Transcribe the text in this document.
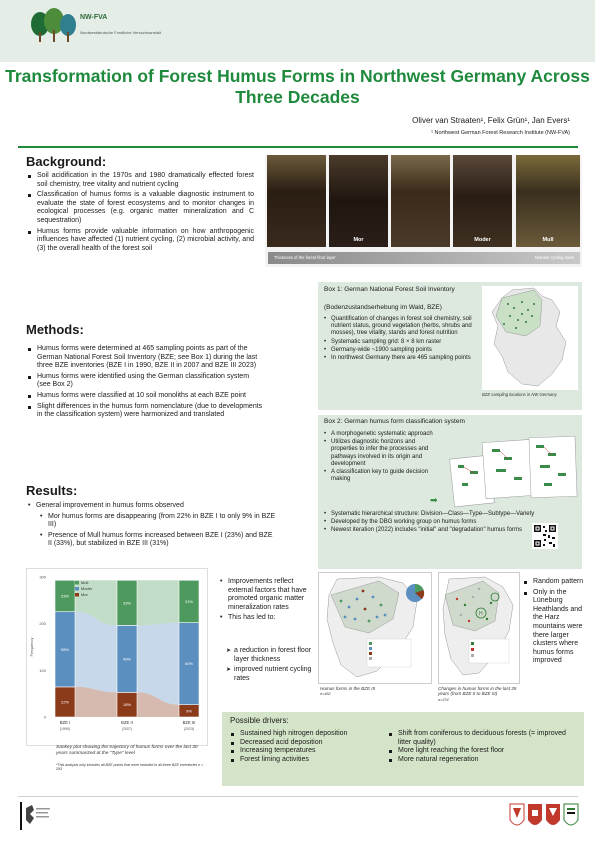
NW-FVA
Nordwestdeutsche Forstliche Versuchsanstalt
Transformation of Forest Humus Forms in Northwest Germany Across Three Decades
Oliver van Straaten¹, Felix Grün¹, Jan Evers¹
¹ Northwest German Forest Research Institute (NW-FVA)
Background:
Soil acidification in the 1970s and 1980 dramatically effected forest soil chemistry, tree vitality and nutrient cycling
Classification of humus forms is a valuable diagnostic instrument to evaluate the state of forest ecosystems and to monitor changes in ecological processes (e.g. organic matter mineralization and C sequestration)
Humus forms provide valuable information on how anthropogenic influences have affected (1) nutrient cycling, (2) microbial activity, and (3) the overall health of the forest soil
Methods:
Humus forms were determined at 465 sampling points as part of the German National Forest Soil Inventory (BZE; see Box 1) during the last three BZE inventories (BZE I in 1990, BZE II in 2007 and BZE III 2023)
Humus forms were identified using the German classification system (see Box 2)
Humus forms were classified at 10 soil monoliths at each BZE point
Slight differences in the humus form nomenclature (due to developments in the classification system) were harmonized and translated
Results:
• General improvement in humus forms observed
• Mor humus forms are disappearing (from 22% in BZE I to only 9% in BZE III)
• Presence of Mull humus forms increased between BZE I (23%) and BZE II (33%), but stabilized in BZE III (31%)
Mor	Moder	Mull
Thickness of the forest floor layer	Nutrient cycling rates
Box 1: German National Forest Soil Inventory
(Bodenzustandserhebung im Wald, BZE)
• Quantification of changes in forest soil chemistry, soil nutrient status, ground vegetation (herbs, shrubs and mosses), tree vitality, stands and forest nutrition
• Systematic sampling grid: 8 × 8 km raster
• Germany-wide ~1900 sampling points
• In northwest Germany there are 465 sampling points
BZE sampling locations in NW Germany
Box 2: German humus form classification system
• A morphogenetic systematic approach
• Utilizes diagnostic horizons and properties to infer the processes and pathways involved in its origin and development
• A classification key to guide decision making
• Systematic hierarchical structure: Division—Class—Type—Subtype—Variety
• Developed by the DBG working group on humus forms
• Newest iteration (2022) includes "initial" and "degradation" humus forms
➡
0
100
200
300
Frequency
22%
55%
23%
BZE I
(1990)
18%
49%
33%
BZE II
(2007)
9%
60%
31%
BZE III
(2023)
Mull
Moder
Mor
Sankey plot showing the trajectory of humus forms over the last 30 years summarized at the "Type" level
*This analysis only includes all BZE points that were included in all three BZE inventories n = 293
• Improvements reflect external factors that have promoted organic matter mineralization rates
• This has led to:
➤ a reduction in forest floor layer thickness
➤ improved nutrient cycling rates
Humus forms in the BZE III
n=462
H
Changes in humus forms in the last 35 years (from BZE II to BZE III)
n=374
Random pattern
Only in the Lüneburg Heathlands and the Harz mountains were there larger clusters where humus forms improved
Possible drivers:
Sustained high nitrogen deposition
Decreased acid deposition
Increasing temperatures
Forest liming activities
Shift from coniferous to deciduous forests (= improved litter quality)
More light reaching the forest floor
More natural regeneration
